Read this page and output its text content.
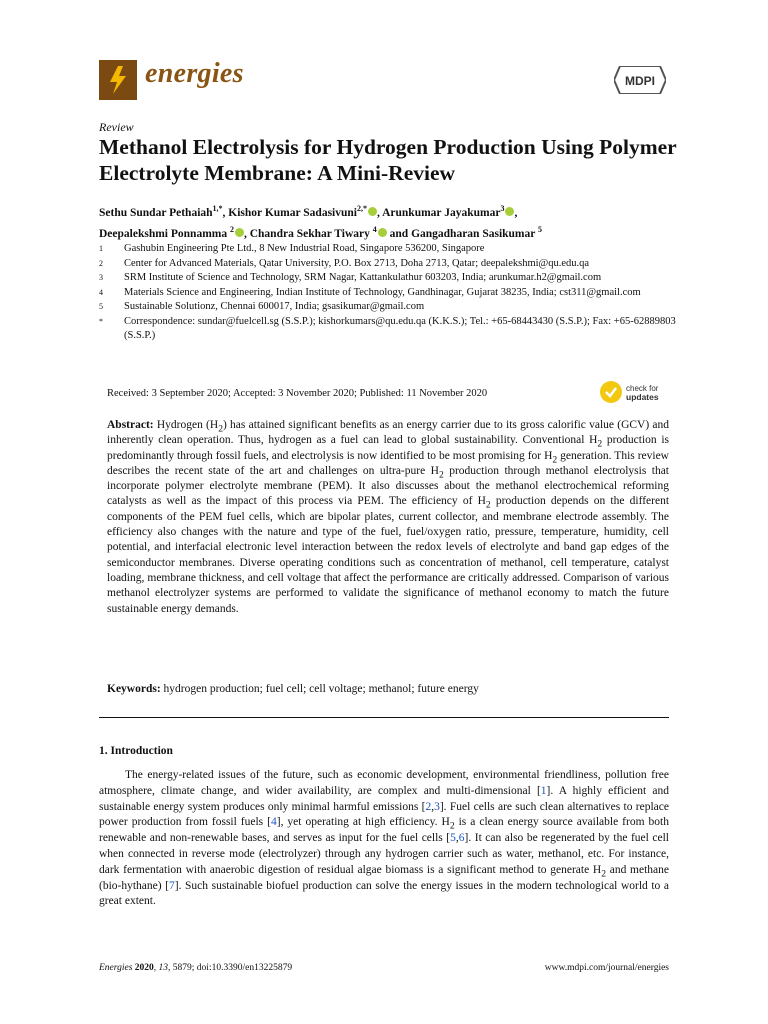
energies	MDPI
Review
Methanol Electrolysis for Hydrogen Production Using Polymer Electrolyte Membrane: A Mini-Review
Sethu Sundar Pethaiah$^{1,*}$, Kishor Kumar Sadasivuni$^{2,*}$ , Arunkumar Jayakumar$^3$ ,
Deepalekshmi Ponnamma $^2$ , Chandra Sekhar Tiwary $^4$ and Gangadharan Sasikumar $^5$
1	Gashubin Engineering Pte Ltd., 8 New Industrial Road, Singapore 536200, Singapore
2	Center for Advanced Materials, Qatar University, P.O. Box 2713, Doha 2713, Qatar; deepalekshmi@qu.edu.qa
3	SRM Institute of Science and Technology, SRM Nagar, Kattankulathur 603203, India; arunkumar.h2@gmail.com
4	Materials Science and Engineering, Indian Institute of Technology, Gandhinagar, Gujarat 38235, India; cst311@gmail.com
5	Sustainable Solutionz, Chennai 600017, India; gsasikumar@gmail.com
*	Correspondence: sundar@fuelcell.sg (S.S.P.); kishorkumars@qu.edu.qa (K.K.S.); Tel.: +65-68443430 (S.S.P.); Fax: +65-62889803 (S.S.P.)
Received: 3 September 2020; Accepted: 3 November 2020; Published: 11 November 2020	check for
updates
Abstract: Hydrogen $(H_2)$ has attained significant benefits as an energy carrier due to its gross calorific value (GCV) and inherently clean operation. Thus, hydrogen as a fuel can lead to global sustainability. Conventional $H_2$ production is predominantly through fossil fuels, and electrolysis is now identified to be most promising for $H_2$ generation. This review describes the recent state of the art and challenges on ultra-pure $H_2$ production through methanol electrolysis that incorporate polymer electrolyte membrane (PEM). It also discusses about the methanol electrochemical reforming catalysts as well as the impact of this process via PEM. The efficiency of $H_2$ production depends on the different components of the PEM fuel cells, which are bipolar plates, current collector, and membrane electrode assembly. The efficiency also changes with the nature and type of the fuel, fuel/oxygen ratio, pressure, temperature, humidity, cell potential, and interfacial electronic level interaction between the redox levels of electrolyte and band gap edges of the semiconductor membranes. Diverse operating conditions such as concentration of methanol, cell temperature, catalyst loading, membrane thickness, and cell voltage that affect the performance are critically addressed. Comparison of various methanol electrolyzer systems are performed to validate the significance of methanol economy to match the future sustainable energy demands.
Keywords: hydrogen production; fuel cell; cell voltage; methanol; future energy
1. Introduction
The energy-related issues of the future, such as economic development, environmental friendliness, pollution free atmosphere, climate change, and wider availability, are complex and multi-dimensional [1]. A highly efficient and sustainable energy system produces only minimal harmful emissions [2,3]. Fuel cells are such clean alternatives to replace power production from fossil fuels [4], yet operating at high efficiency. $H_2$ is a clean energy source available from both renewable and non-renewable bases, and serves as input for the fuel cells [5,6]. It can also be regenerated by the fuel cell when connected in reverse mode (electrolyzer) through any hydrogen carrier such as water, methanol, etc. For instance, dark fermentation with anaerobic digestion of residual algae biomass is a significant method to generate $H_2$ and methane (bio-hythane) [7]. Such sustainable biofuel production can solve the energy issues in the modern technological world to a great extent.
Energies 2020, 13, 5879; doi:10.3390/en13225879	www.mdpi.com/journal/energies
